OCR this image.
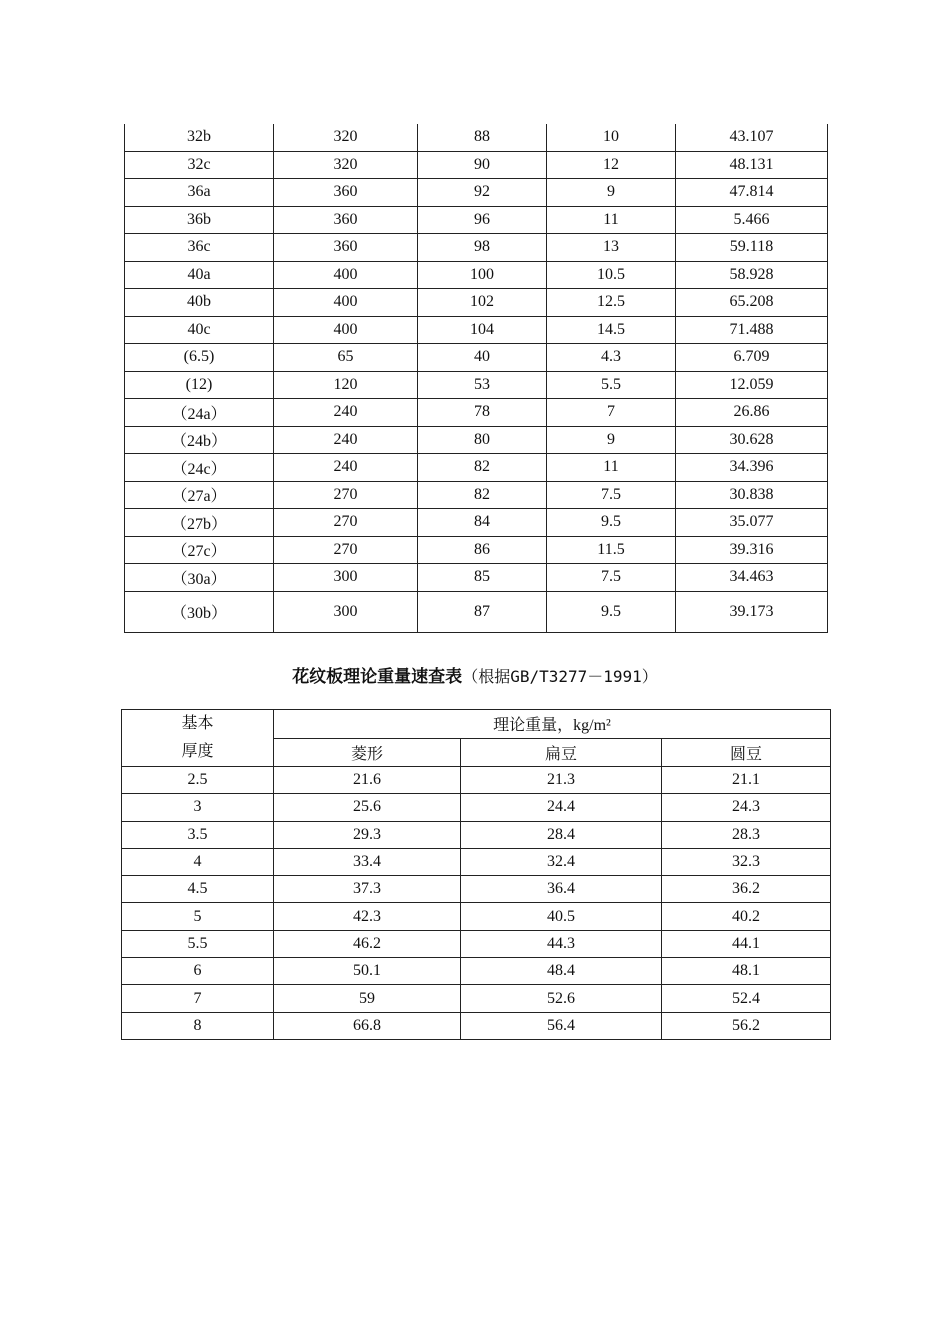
32b	320	88	10	43.107
32c	320	90	12	48.131
36a	360	92	9	47.814
36b	360	96	11	5.466
36c	360	98	13	59.118
40a	400	100	10.5	58.928
40b	400	102	12.5	65.208
40c	400	104	14.5	71.488
(6.5)	65	40	4.3	6.709
(12)	120	53	5.5	12.059
（24a）	240	78	7	26.86
（24b）	240	80	9	30.628
（24c）	240	82	11	34.396
（27a）	270	82	7.5	30.838
（27b）	270	84	9.5	35.077
（27c）	270	86	11.5	39.316
（30a）	300	85	7.5	34.463
（30b）	300	87	9.5	39.173
花纹板理论重量速查表（根据GB/T3277－1991）
基本
厚度	理论重量，kg/m²		
	菱形	扁豆	圆豆
2.5	21.6	21.3	21.1
3	25.6	24.4	24.3
3.5	29.3	28.4	28.3
4	33.4	32.4	32.3
4.5	37.3	36.4	36.2
5	42.3	40.5	40.2
5.5	46.2	44.3	44.1
6	50.1	48.4	48.1
7	59	52.6	52.4
8	66.8	56.4	56.2
